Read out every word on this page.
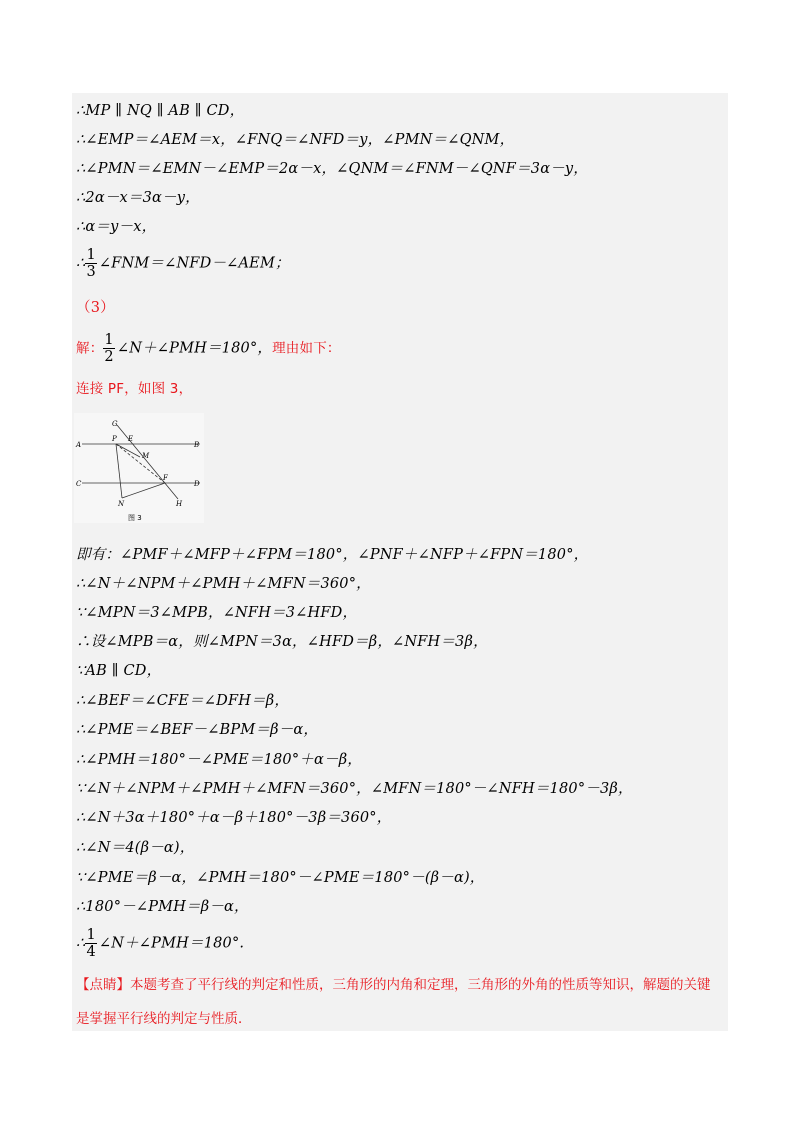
∴MP ∥ NQ ∥ AB ∥ CD，
∴∠EMP＝∠AEM＝x，∠FNQ＝∠NFD＝y，∠PMN＝∠QNM，
∴∠PMN＝∠EMN－∠EMP＝2α－x，∠QNM＝∠FNM－∠QNF＝3α－y，
∴2α－x＝3α－y，
∴α＝y－x，
∴ $\frac{1}{3}$ ∠FNM＝∠NFD－∠AEM；
（3）
解： $\frac{1}{2}$ ∠N＋∠PMH＝180°，理由如下：
连接 PF，如图 3，
G
P E
B
A
M
C
F
D
N	H
图 3
即有：∠PMF＋∠MFP＋∠FPM＝180°，∠PNF＋∠NFP＋∠FPN＝180°，
∴∠N＋∠NPM＋∠PMH＋∠MFN＝360°，
∵∠MPN＝3∠MPB，∠NFH＝3∠HFD，
∴设∠MPB＝α，则∠MPN＝3α，∠HFD＝β，∠NFH＝3β，
∵AB ∥ CD，
∴∠BEF＝∠CFE＝∠DFH＝β，
∴∠PME＝∠BEF－∠BPM＝β－α，
∴∠PMH＝180°－∠PME＝180°＋α－β，
∵∠N＋∠NPM＋∠PMH＋∠MFN＝360°，∠MFN＝180°－∠NFH＝180°－3β，
∴∠N＋3α＋180°＋α－β＋180°－3β＝360°，
∴∠N＝4(β－α)，
∵∠PME＝β－α，∠PMH＝180°－∠PME＝180°－(β－α)，
∴180°－∠PMH＝β－α，
∴ $\frac{1}{4}$ ∠N＋∠PMH＝180°.
【点睛】本题考查了平行线的判定和性质，三角形的内角和定理，三角形的外角的性质等知识，解题的关键是掌握平行线的判定与性质．
